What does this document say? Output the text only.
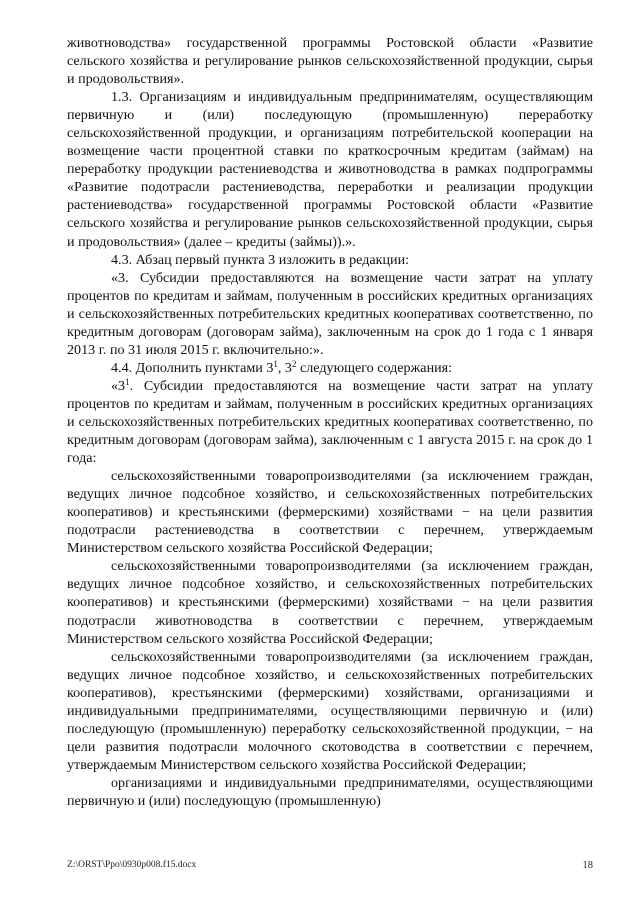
животноводства» государственной программы Ростовской области «Развитие сельского хозяйства и регулирование рынков сельскохозяйственной продукции, сырья и продовольствия».

1.3. Организациям и индивидуальным предпринимателям, осуществляющим первичную и (или) последующую (промышленную) переработку сельскохозяйственной продукции, и организациям потребительской кооперации на возмещение части процентной ставки по краткосрочным кредитам (займам) на переработку продукции растениеводства и животноводства в рамках подпрограммы «Развитие подотрасли растениеводства, переработки и реализации продукции растениеводства» государственной программы Ростовской области «Развитие сельского хозяйства и регулирование рынков сельскохозяйственной продукции, сырья и продовольствия» (далее – кредиты (займы)).».

4.3. Абзац первый пункта 3 изложить в редакции:

«3. Субсидии предоставляются на возмещение части затрат на уплату процентов по кредитам и займам, полученным в российских кредитных организациях и сельскохозяйственных потребительских кредитных кооперативах соответственно, по кредитным договорам (договорам займа), заключенным на срок до 1 года с 1 января 2013 г. по 31 июля 2015 г. включительно:».

4.4. Дополнить пунктами $3^1$, $3^2$ следующего содержания:

«$3^1$. Субсидии предоставляются на возмещение части затрат на уплату процентов по кредитам и займам, полученным в российских кредитных организациях и сельскохозяйственных потребительских кредитных кооперативах соответственно, по кредитным договорам (договорам займа), заключенным с 1 августа 2015 г. на срок до 1 года:

сельскохозяйственными товаропроизводителями (за исключением граждан, ведущих личное подсобное хозяйство, и сельскохозяйственных потребительских кооперативов) и крестьянскими (фермерскими) хозяйствами − на цели развития подотрасли растениеводства в соответствии с перечнем, утверждаемым Министерством сельского хозяйства Российской Федерации;

сельскохозяйственными товаропроизводителями (за исключением граждан, ведущих личное подсобное хозяйство, и сельскохозяйственных потребительских кооперативов) и крестьянскими (фермерскими) хозяйствами − на цели развития подотрасли животноводства в соответствии с перечнем, утверждаемым Министерством сельского хозяйства Российской Федерации;

сельскохозяйственными товаропроизводителями (за исключением граждан, ведущих личное подсобное хозяйство, и сельскохозяйственных потребительских кооперативов), крестьянскими (фермерскими) хозяйствами, организациями и индивидуальными предпринимателями, осуществляющими первичную и (или) последующую (промышленную) переработку сельскохозяйственной продукции, − на цели развития подотрасли молочного скотоводства в соответствии с перечнем, утверждаемым Министерством сельского хозяйства Российской Федерации;

организациями и индивидуальными предпринимателями, осуществляющими первичную и (или) последующую (промышленную)

Z:\ORST\Ppo\0930p008.f15.docx	18
